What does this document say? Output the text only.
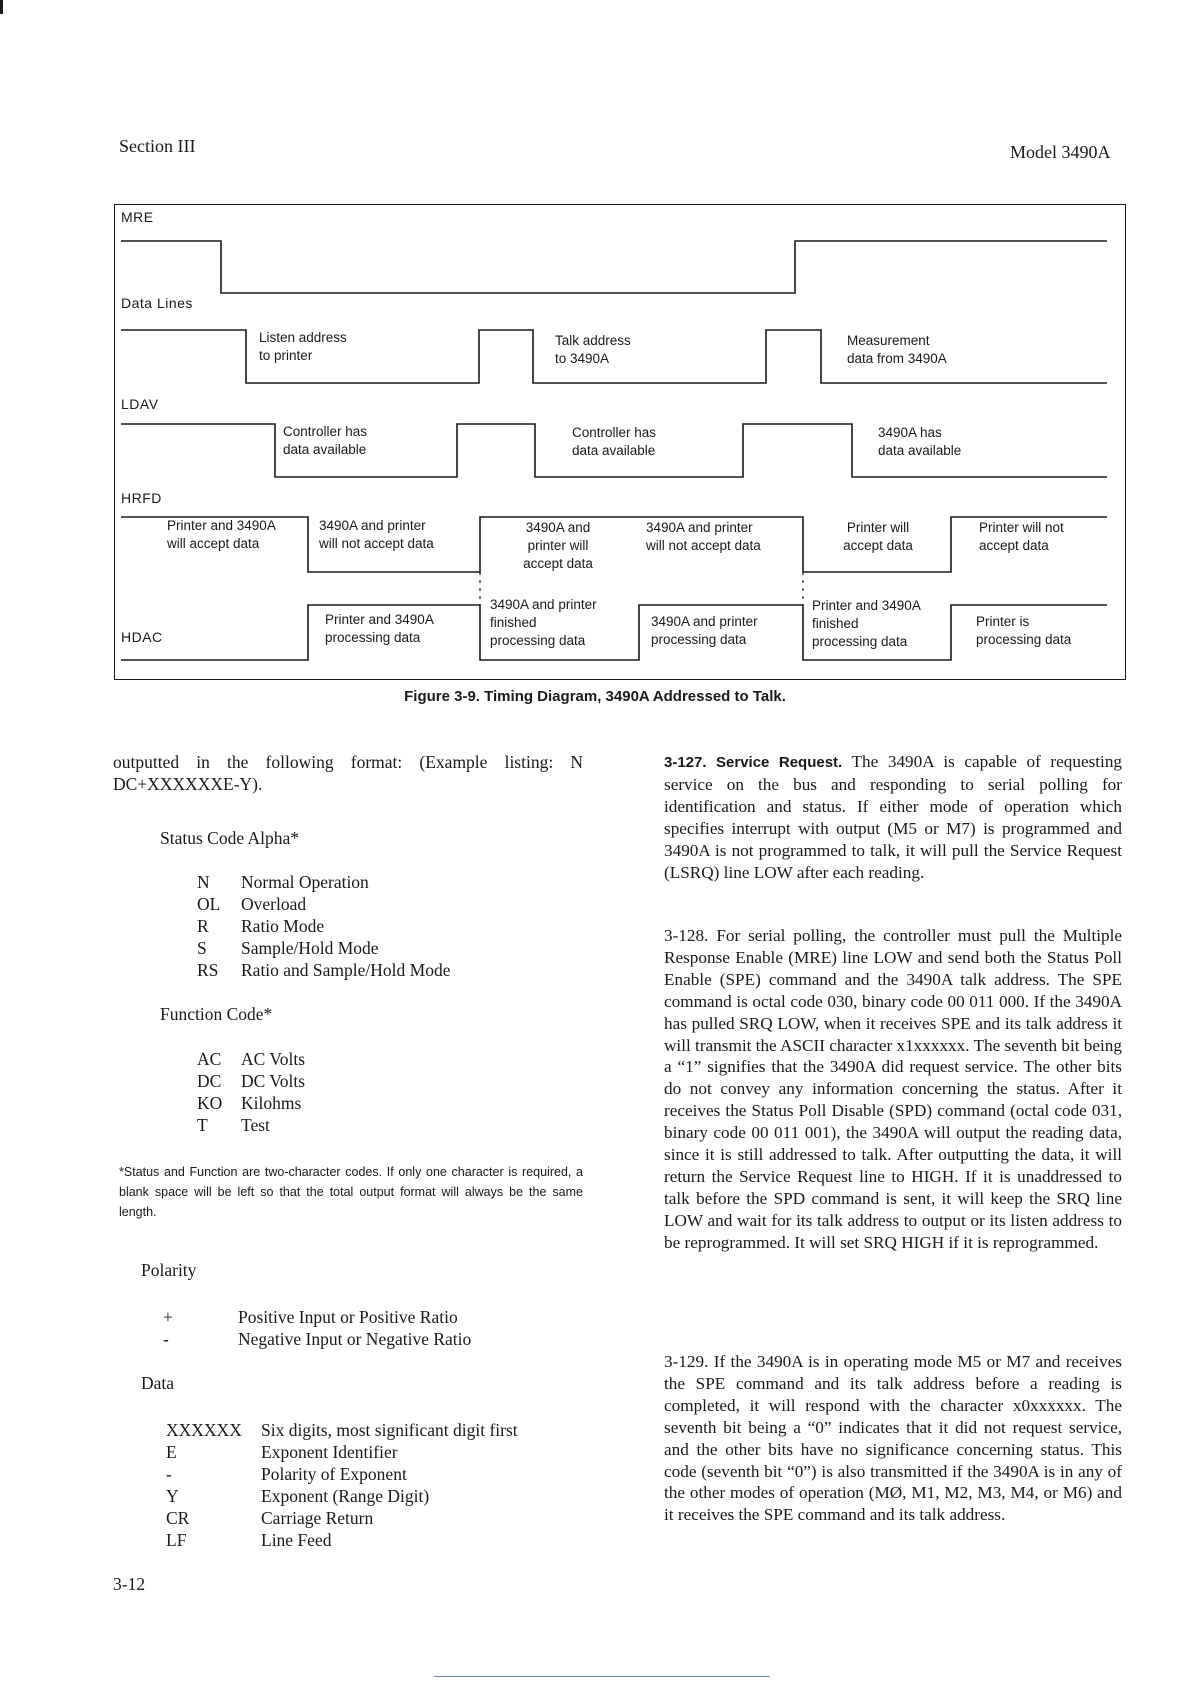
Section III	Model 3490A
MRE
Data Lines
LDAV
HRFD
HDAC
Listen address
to printer
Talk address
to 3490A
Measurement
data from 3490A
Controller has
data available
Controller has
data available
3490A has
data available
Printer and 3490A
will accept data
3490A and printer
will not accept data
3490A and
printer will
accept data
3490A and printer
will not accept data
Printer will
accept data
Printer will not
accept data
Printer and 3490A
processing data
3490A and printer
finished
processing data
3490A and printer
processing data
Printer and 3490A
finished
processing data
Printer is
processing data
Figure 3-9. Timing Diagram, 3490A Addressed to Talk.
outputted in the following format: (Example listing: N DC+XXXXXXE-Y).
Status Code Alpha*
N Normal Operation
OL Overload
R Ratio Mode
S Sample/Hold Mode
RS Ratio and Sample/Hold Mode
Function Code*
AC AC Volts
DC DC Volts
KO Kilohms
T Test
*Status and Function are two-character codes. If only one character is required, a blank space will be left so that the total output format will always be the same length.
Polarity
+	Positive Input or Positive Ratio
-	Negative Input or Negative Ratio
Data
XXXXXX Six digits, most significant digit first
E	Exponent Identifier
-	Polarity of Exponent
Y	Exponent (Range Digit)
CR	Carriage Return
LF	Line Feed
3-12

3-127. Service Request. The 3490A is capable of requesting service on the bus and responding to serial polling for identification and status. If either mode of operation which specifies interrupt with output (M5 or M7) is programmed and 3490A is not programmed to talk, it will pull the Service Request (LSRQ) line LOW after each reading.

3-128. For serial polling, the controller must pull the Multiple Response Enable (MRE) line LOW and send both the Status Poll Enable (SPE) command and the 3490A talk address. The SPE command is octal code 030, binary code 00 011 000. If the 3490A has pulled SRQ LOW, when it receives SPE and its talk address it will transmit the ASCII character x1xxxxxx. The seventh bit being a “1” signifies that the 3490A did request service. The other bits do not convey any information concerning the status. After it receives the Status Poll Disable (SPD) command (octal code 031, binary code 00 011 001), the 3490A will output the reading data, since it is still addressed to talk. After outputting the data, it will return the Service Request line to HIGH. If it is unaddressed to talk before the SPD command is sent, it will keep the SRQ line LOW and wait for its talk address to output or its listen address to be reprogrammed. It will set SRQ HIGH if it is reprogrammed.
3-129. If the 3490A is in operating mode M5 or M7 and receives the SPE command and its talk address before a reading is completed, it will respond with the character x0xxxxxx. The seventh bit being a “0” indicates that it did not request service, and the other bits have no significance concerning status. This code (seventh bit “0”) is also transmitted if the 3490A is in any of the other modes of operation (MØ, M1, M2, M3, M4, or M6) and it receives the SPE command and its talk address.
